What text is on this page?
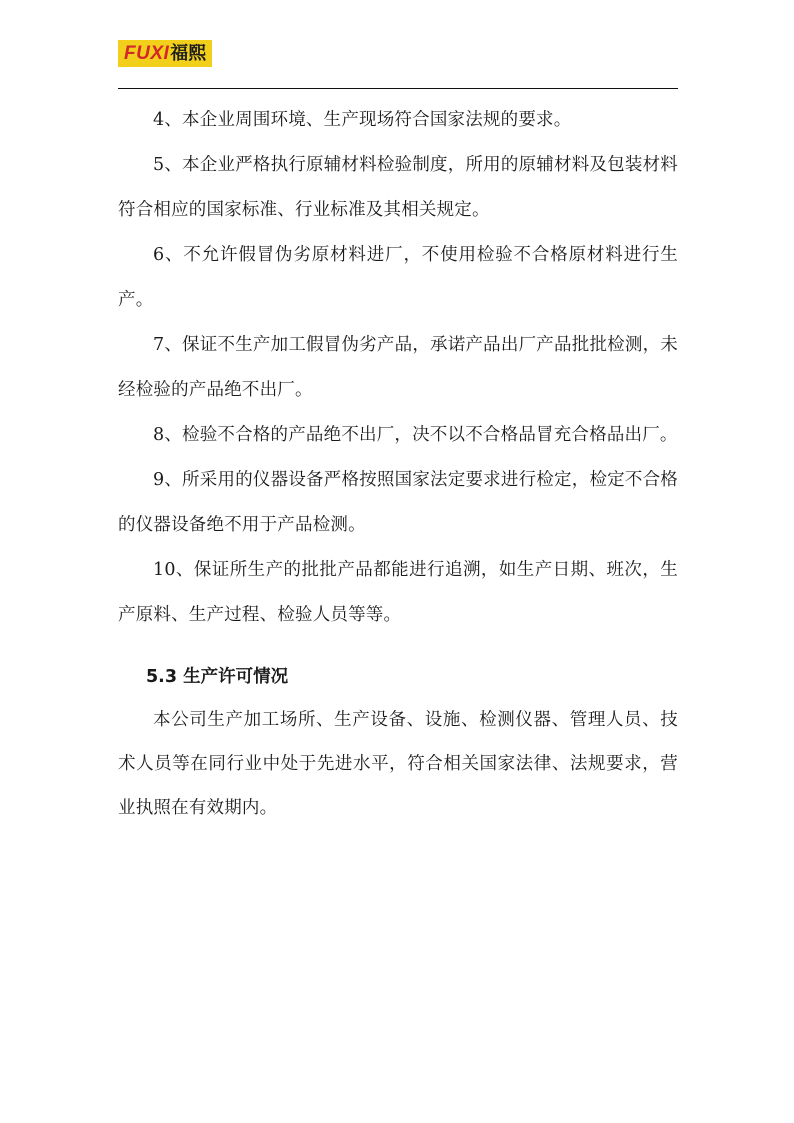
FUXI 福熙

4、本企业周围环境、生产现场符合国家法规的要求。

5、本企业严格执行原辅材料检验制度，所用的原辅材料及包装材料符合相应的国家标准、行业标准及其相关规定。

6、不允许假冒伪劣原材料进厂，不使用检验不合格原材料进行生产。

7、保证不生产加工假冒伪劣产品，承诺产品出厂产品批批检测，未经检验的产品绝不出厂。

8、检验不合格的产品绝不出厂，决不以不合格品冒充合格品出厂。

9、所采用的仪器设备严格按照国家法定要求进行检定，检定不合格的仪器设备绝不用于产品检测。

10、保证所生产的批批产品都能进行追溯，如生产日期、班次，生产原料、生产过程、检验人员等等。

5.3 生产许可情况

本公司生产加工场所、生产设备、设施、检测仪器、管理人员、技术人员等在同行业中处于先进水平，符合相关国家法律、法规要求，营业执照在有效期内。
